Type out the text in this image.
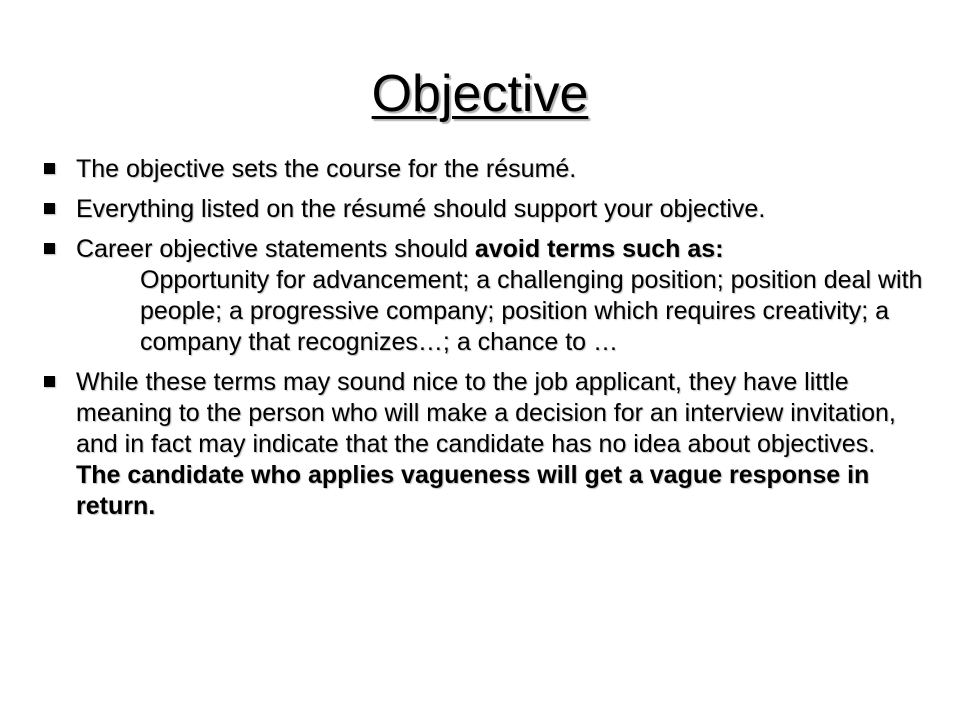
Objective
The objective sets the course for the résumé.
Everything listed on the résumé should support your objective.
Career objective statements should avoid terms such as:
Opportunity for advancement; a challenging position; position deal with people; a progressive company; position which requires creativity; a company that recognizes…; a chance to …
While these terms may sound nice to the job applicant, they have little meaning to the person who will make a decision for an interview invitation, and in fact may indicate that the candidate has no idea about objectives. The candidate who applies vagueness will get a vague response in return.
